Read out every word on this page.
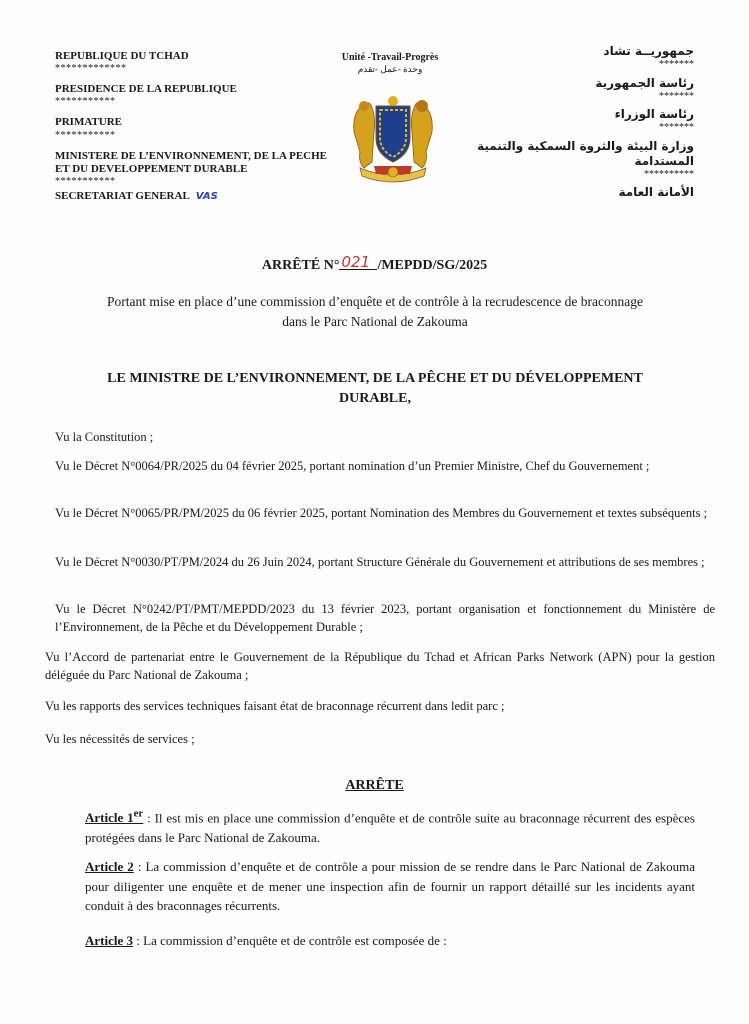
REPUBLIQUE DU TCHAD
*************
PRESIDENCE DE LA REPUBLIQUE
***********
PRIMATURE
***********
MINISTERE DE L’ENVIRONNEMENT, DE LA PECHE ET DU DEVELOPPEMENT DURABLE
***********
SECRETARIAT GENERAL VAS
Unité -Travail-Progrès
وحدة -عمل -تقدم
جمهوريــة تشاد
*******
رئاسة الجمهورية
*******
رئاسة الوزراء
*******
وزارة البيئة والثروة السمكية والتنمية المستدامة
**********
الأمانة العامة
ARRÊTÉ N° 021 /MEPDD/SG/2025
Portant mise en place d’une commission d’enquête et de contrôle à la recrudescence de braconnage dans le Parc National de Zakouma
LE MINISTRE DE L’ENVIRONNEMENT, DE LA PÊCHE ET DU DÉVELOPPEMENT DURABLE,
Vu la Constitution ;
Vu le Décret N°0064/PR/2025 du 04 février 2025, portant nomination d’un Premier Ministre, Chef du Gouvernement ;
Vu le Décret N°0065/PR/PM/2025 du 06 février 2025, portant Nomination des Membres du Gouvernement et textes subséquents ;
Vu le Décret N°0030/PT/PM/2024 du 26 Juin 2024, portant Structure Générale du Gouvernement et attributions de ses membres ;
Vu le Décret N°0242/PT/PMT/MEPDD/2023 du 13 février 2023, portant organisation et fonctionnement du Ministère de l’Environnement, de la Pêche et du Développement Durable ;
Vu l’Accord de partenariat entre le Gouvernement de la République du Tchad et African Parks Network (APN) pour la gestion déléguée du Parc National de Zakouma ;
Vu les rapports des services techniques faisant état de braconnage récurrent dans ledit parc ;
Vu les nécessités de services ;
ARRÊTE
Article 1er : Il est mis en place une commission d’enquête et de contrôle suite au braconnage récurrent des espèces protégées dans le Parc National de Zakouma.
Article 2 : La commission d’enquête et de contrôle a pour mission de se rendre dans le Parc National de Zakouma pour diligenter une enquête et de mener une inspection afin de fournir un rapport détaillé sur les incidents ayant conduit à des braconnages récurrents.
Article 3 : La commission d’enquête et de contrôle est composée de :
